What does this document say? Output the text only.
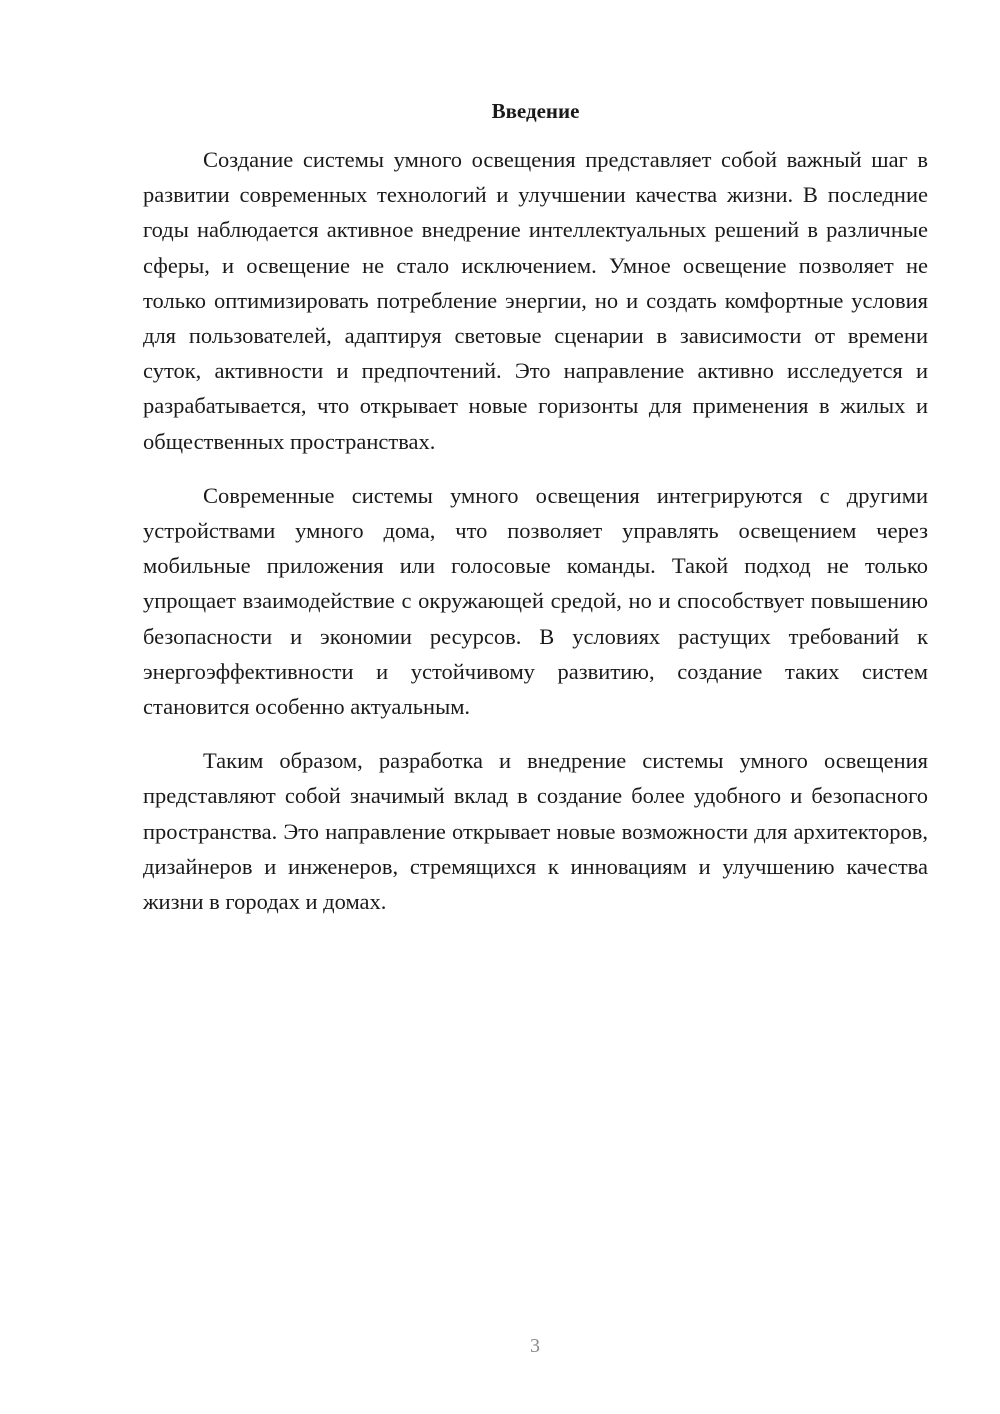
Введение

Создание системы умного освещения представляет собой важный шаг в развитии современных технологий и улучшении качества жизни. В последние годы наблюдается активное внедрение интеллектуальных решений в различные сферы, и освещение не стало исключением. Умное освещение позволяет не только оптимизировать потребление энергии, но и создать комфортные условия для пользователей, адаптируя световые сценарии в зависимости от времени суток, активности и предпочтений. Это направление активно исследуется и разрабатывается, что открывает новые горизонты для применения в жилых и общественных пространствах.

Современные системы умного освещения интегрируются с другими устройствами умного дома, что позволяет управлять освещением через мобильные приложения или голосовые команды. Такой подход не только упрощает взаимодействие с окружающей средой, но и способствует повышению безопасности и экономии ресурсов. В условиях растущих требований к энергоэффективности и устойчивому развитию, создание таких систем становится особенно актуальным.

Таким образом, разработка и внедрение системы умного освещения представляют собой значимый вклад в создание более удобного и безопасного пространства. Это направление открывает новые возможности для архитекторов, дизайнеров и инженеров, стремящихся к инновациям и улучшению качества жизни в городах и домах.

3
